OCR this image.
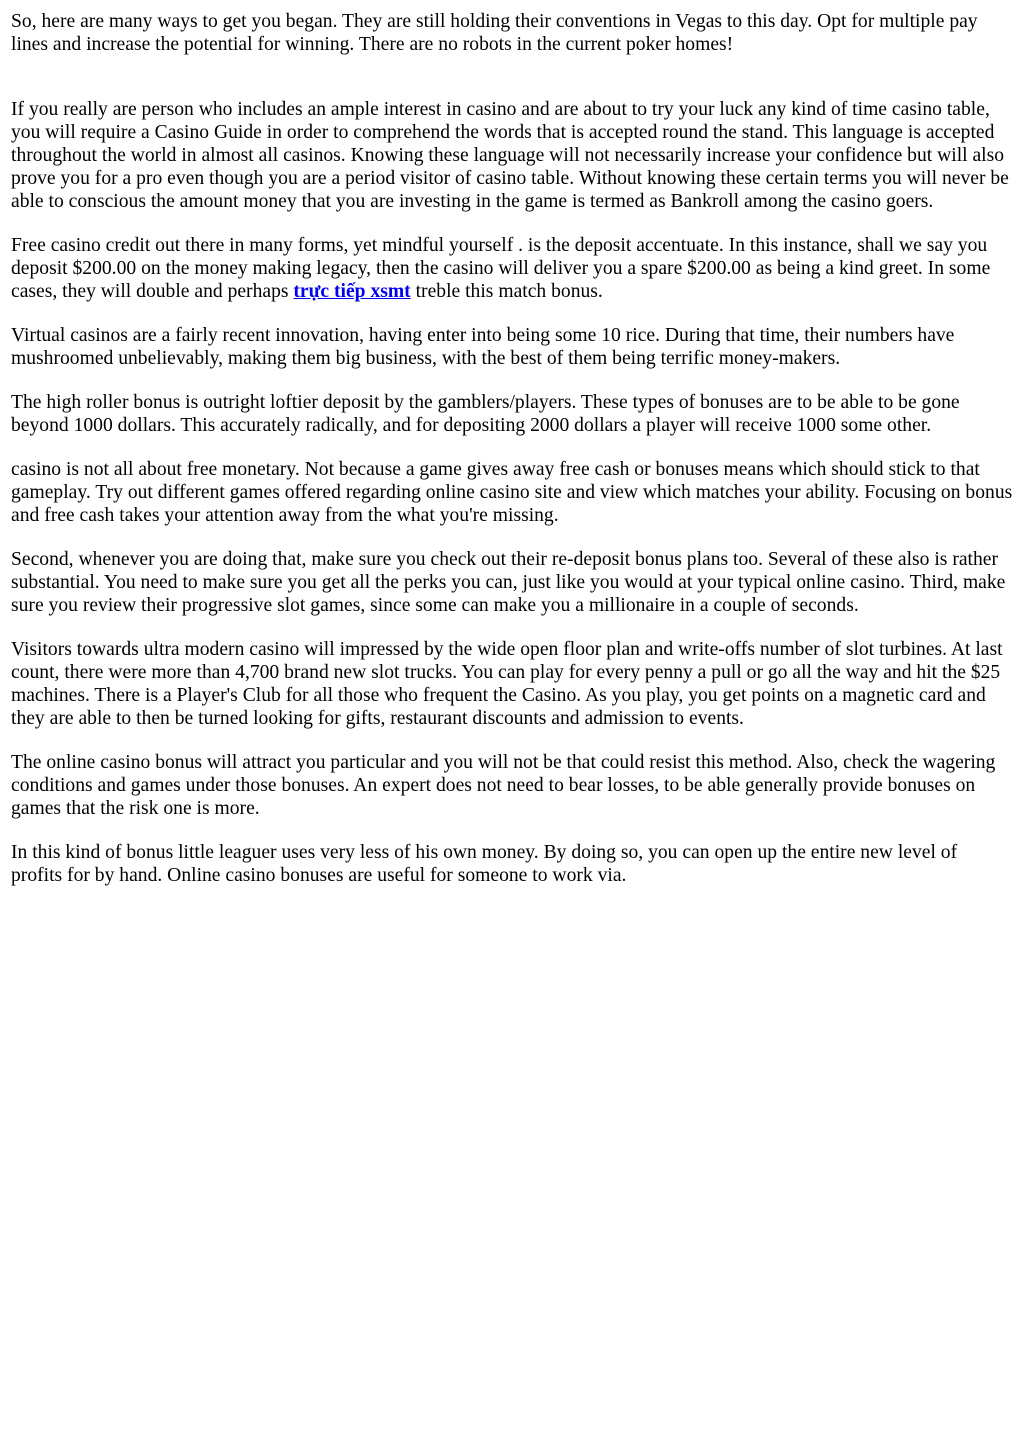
So, here are many ways to get you began. They are still holding their conventions in Vegas to this day. Opt for multiple pay lines and increase the potential for winning. There are no robots in the current poker homes!

If you really are person who includes an ample interest in casino and are about to try your luck any kind of time casino table, you will require a Casino Guide in order to comprehend the words that is accepted round the stand. This language is accepted throughout the world in almost all casinos. Knowing these language will not necessarily increase your confidence but will also prove you for a pro even though you are a period visitor of casino table. Without knowing these certain terms you will never be able to conscious the amount money that you are investing in the game is termed as Bankroll among the casino goers.

Free casino credit out there in many forms, yet mindful yourself . is the deposit accentuate. In this instance, shall we say you deposit $200.00 on the money making legacy, then the casino will deliver you a spare $200.00 as being a kind greet. In some cases, they will double and perhaps trực tiếp xsmt treble this match bonus.

Virtual casinos are a fairly recent innovation, having enter into being some 10 rice. During that time, their numbers have mushroomed unbelievably, making them big business, with the best of them being terrific money-makers.

The high roller bonus is outright loftier deposit by the gamblers/players. These types of bonuses are to be able to be gone beyond 1000 dollars. This accurately radically, and for depositing 2000 dollars a player will receive 1000 some other.

casino is not all about free monetary. Not because a game gives away free cash or bonuses means which should stick to that gameplay. Try out different games offered regarding online casino site and view which matches your ability. Focusing on bonus and free cash takes your attention away from the what you're missing.

Second, whenever you are doing that, make sure you check out their re-deposit bonus plans too. Several of these also is rather substantial. You need to make sure you get all the perks you can, just like you would at your typical online casino. Third, make sure you review their progressive slot games, since some can make you a millionaire in a couple of seconds.

Visitors towards ultra modern casino will impressed by the wide open floor plan and write-offs number of slot turbines. At last count, there were more than 4,700 brand new slot trucks. You can play for every penny a pull or go all the way and hit the $25 machines. There is a Player's Club for all those who frequent the Casino. As you play, you get points on a magnetic card and they are able to then be turned looking for gifts, restaurant discounts and admission to events.

The online casino bonus will attract you particular and you will not be that could resist this method. Also, check the wagering conditions and games under those bonuses. An expert does not need to bear losses, to be able generally provide bonuses on games that the risk one is more.

In this kind of bonus little leaguer uses very less of his own money. By doing so, you can open up the entire new level of profits for by hand. Online casino bonuses are useful for someone to work via.
